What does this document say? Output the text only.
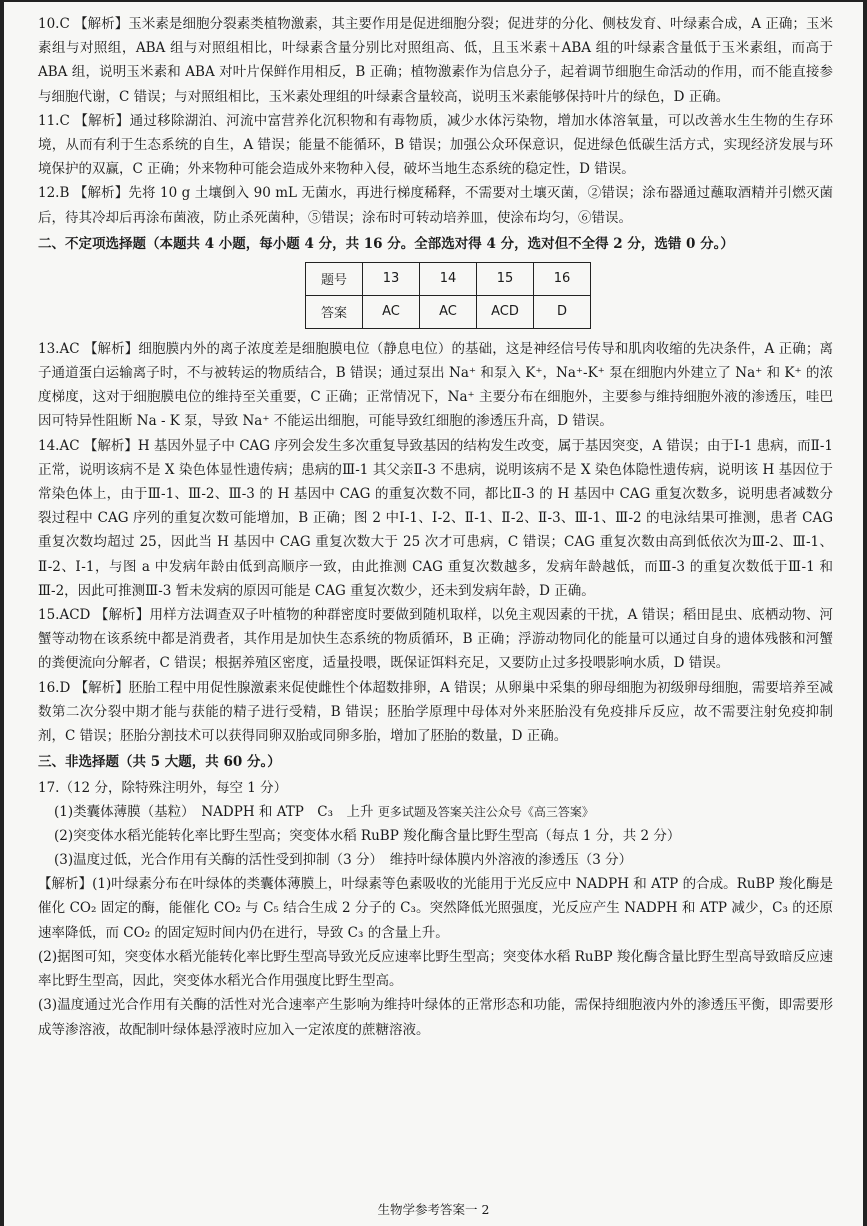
10.C 【解析】玉米素是细胞分裂素类植物激素，其主要作用是促进细胞分裂；促进芽的分化、侧枝发育、叶绿素合成，A 正确；玉米素组与对照组，ABA 组与对照组相比，叶绿素含量分别比对照组高、低，且玉米素＋ABA 组的叶绿素含量低于玉米素组，而高于 ABA 组，说明玉米素和 ABA 对叶片保鲜作用相反，B 正确；植物激素作为信息分子，起着调节细胞生命活动的作用，而不能直接参与细胞代谢，C 错误；与对照组相比，玉米素处理组的叶绿素含量较高，说明玉米素能够保持叶片的绿色，D 正确。

11.C 【解析】通过移除湖泊、河流中富营养化沉积物和有毒物质，减少水体污染物，增加水体溶氧量，可以改善水生生物的生存环境，从而有利于生态系统的自生，A 错误；能量不能循环，B 错误；加强公众环保意识，促进绿色低碳生活方式，实现经济发展与环境保护的双赢，C 正确；外来物种可能会造成外来物种入侵，破坏当地生态系统的稳定性，D 错误。

12.B 【解析】先将 10 g 土壤倒入 90 mL 无菌水，再进行梯度稀释，不需要对土壤灭菌，②错误；涂布器通过蘸取酒精并引燃灭菌后，待其冷却后再涂布菌液，防止杀死菌种，⑤错误；涂布时可转动培养皿，使涂布均匀，⑥错误。

二、不定项选择题（本题共 4 小题，每小题 4 分，共 16 分。全部选对得 4 分，选对但不全得 2 分，选错 0 分。）

题号	13	14	15	16
答案	AC	AC	ACD	D

13.AC 【解析】细胞膜内外的离子浓度差是细胞膜电位（静息电位）的基础，这是神经信号传导和肌肉收缩的先决条件，A 正确；离子通道蛋白运输离子时，不与被转运的物质结合，B 错误；通过泵出 Na⁺ 和泵入 K⁺，Na⁺-K⁺ 泵在细胞内外建立了 Na⁺ 和 K⁺ 的浓度梯度，这对于细胞膜电位的维持至关重要，C 正确；正常情况下，Na⁺ 主要分布在细胞外，主要参与维持细胞外液的渗透压，哇巴因可特异性阻断 Na - K 泵，导致 Na⁺ 不能运出细胞，可能导致红细胞的渗透压升高，D 错误。

14.AC 【解析】H 基因外显子中 CAG 序列会发生多次重复导致基因的结构发生改变，属于基因突变，A 错误；由于Ⅰ-1 患病，而Ⅱ-1 正常，说明该病不是 X 染色体显性遗传病；患病的Ⅲ-1 其父亲Ⅱ-3 不患病，说明该病不是 X 染色体隐性遗传病，说明该 H 基因位于常染色体上，由于Ⅲ-1、Ⅲ-2、Ⅲ-3 的 H 基因中 CAG 的重复次数不同，都比Ⅱ-3 的 H 基因中 CAG 重复次数多，说明患者减数分裂过程中 CAG 序列的重复次数可能增加，B 正确；图 2 中Ⅰ-1、Ⅰ-2、Ⅱ-1、Ⅱ-2、Ⅱ-3、Ⅲ-1、Ⅲ-2 的电泳结果可推测，患者 CAG 重复次数均超过 25，因此当 H 基因中 CAG 重复次数大于 25 次才可患病，C 错误；CAG 重复次数由高到低依次为Ⅲ-2、Ⅲ-1、Ⅱ-2、Ⅰ-1，与图 a 中发病年龄由低到高顺序一致，由此推测 CAG 重复次数越多，发病年龄越低，而Ⅲ-3 的重复次数低于Ⅲ-1 和Ⅲ-2，因此可推测Ⅲ-3 暂未发病的原因可能是 CAG 重复次数少，还未到发病年龄，D 正确。

15.ACD 【解析】用样方法调查双子叶植物的种群密度时要做到随机取样，以免主观因素的干扰，A 错误；稻田昆虫、底栖动物、河蟹等动物在该系统中都是消费者，其作用是加快生态系统的物质循环，B 正确；浮游动物同化的能量可以通过自身的遗体残骸和河蟹的粪便流向分解者，C 错误；根据养殖区密度，适量投喂，既保证饵料充足，又要防止过多投喂影响水质，D 错误。

16.D 【解析】胚胎工程中用促性腺激素来促使雌性个体超数排卵，A 错误；从卵巢中采集的卵母细胞为初级卵母细胞，需要培养至减数第二次分裂中期才能与获能的精子进行受精，B 错误；胚胎学原理中母体对外来胚胎没有免疫排斥反应，故不需要注射免疫抑制剂，C 错误；胚胎分割技术可以获得同卵双胎或同卵多胎，增加了胚胎的数量，D 正确。

三、非选择题（共 5 大题，共 60 分。）

17.（12 分，除特殊注明外，每空 1 分）

(1)类囊体薄膜（基粒）　NADPH 和 ATP　C₃　上升 更多试题及答案关注公众号《高三答案》

(2)突变体水稻光能转化率比野生型高；突变体水稻 RuBP 羧化酶含量比野生型高（每点 1 分，共 2 分）

(3)温度过低，光合作用有关酶的活性受到抑制（3 分）　维持叶绿体膜内外溶液的渗透压（3 分）

【解析】(1)叶绿素分布在叶绿体的类囊体薄膜上，叶绿素等色素吸收的光能用于光反应中 NADPH 和 ATP 的合成。RuBP 羧化酶是催化 CO₂ 固定的酶，能催化 CO₂ 与 C₅ 结合生成 2 分子的 C₃。突然降低光照强度，光反应产生 NADPH 和 ATP 减少，C₃ 的还原速率降低，而 CO₂ 的固定短时间内仍在进行，导致 C₃ 的含量上升。

(2)据图可知，突变体水稻光能转化率比野生型高导致光反应速率比野生型高；突变体水稻 RuBP 羧化酶含量比野生型高导致暗反应速率比野生型高，因此，突变体水稻光合作用强度比野生型高。

(3)温度通过光合作用有关酶的活性对光合速率产生影响为维持叶绿体的正常形态和功能，需保持细胞液内外的渗透压平衡，即需要形成等渗溶液，故配制叶绿体悬浮液时应加入一定浓度的蔗糖溶液。

生物学参考答案一 2
